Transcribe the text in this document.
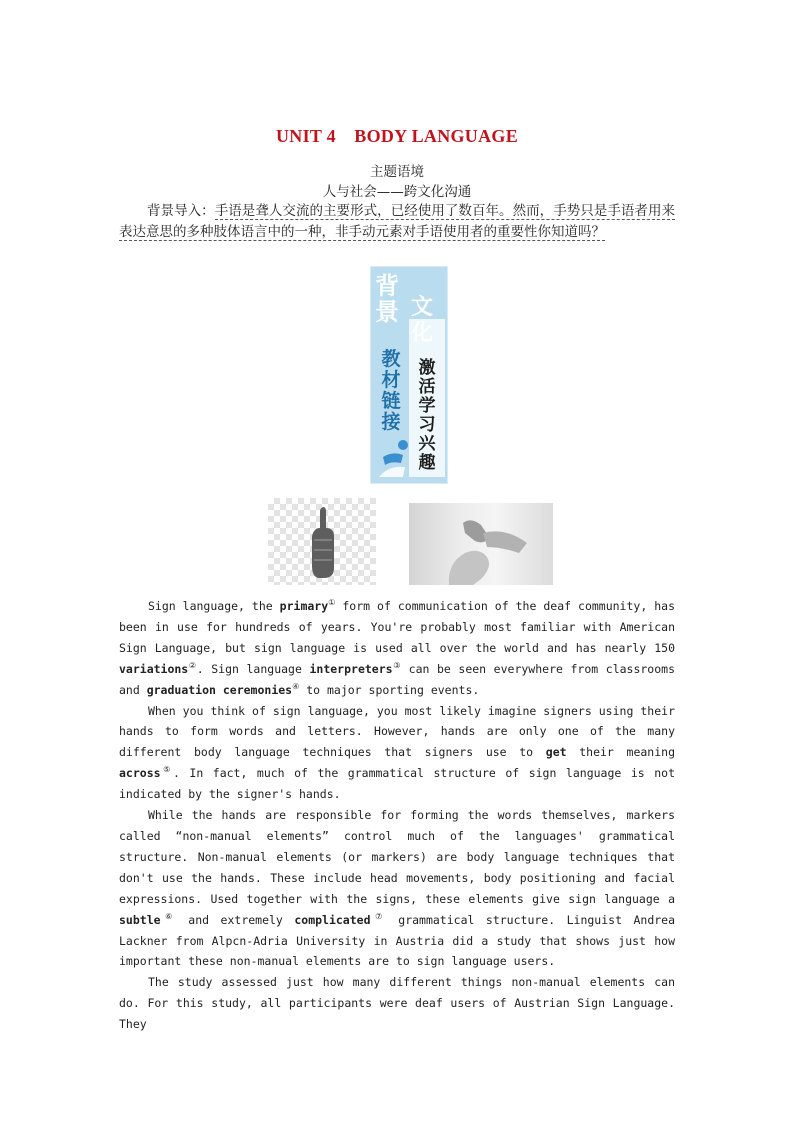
UNIT 4　BODY LANGUAGE
主题语境
人与社会——跨文化沟通
背景导入：手语是聋人交流的主要形式，已经使用了数百年。然而，手势只是手语者用来表达意思的多种肢体语言中的一种，非手动元素对手语使用者的重要性你知道吗？
背景 文化
教
材
链
接
激
活
学
习
兴
趣

Sign language, the primary① form of communication of the deaf community, has been in use for hundreds of years. You're probably most familiar with American Sign Language, but sign language is used all over the world and has nearly 150 variations②. Sign language interpreters③ can be seen everywhere from classrooms and graduation ceremonies④ to major sporting events.

When you think of sign language, you most likely imagine signers using their hands to form words and letters. However, hands are only one of the many different body language techniques that signers use to get their meaning across⑤. In fact, much of the grammatical structure of sign language is not indicated by the signer's hands.

While the hands are responsible for forming the words themselves, markers called “non-manual elements” control much of the languages' grammatical structure. Non-manual elements (or markers) are body language techniques that don't use the hands. These include head movements, body positioning and facial expressions. Used together with the signs, these elements give sign language a subtle⑥ and extremely complicated⑦ grammatical structure. Linguist Andrea Lackner from Alpcn-Adria University in Austria did a study that shows just how important these non-manual elements are to sign language users.

The study assessed just how many different things non-manual elements can do. For this study, all participants were deaf users of Austrian Sign Language. They
